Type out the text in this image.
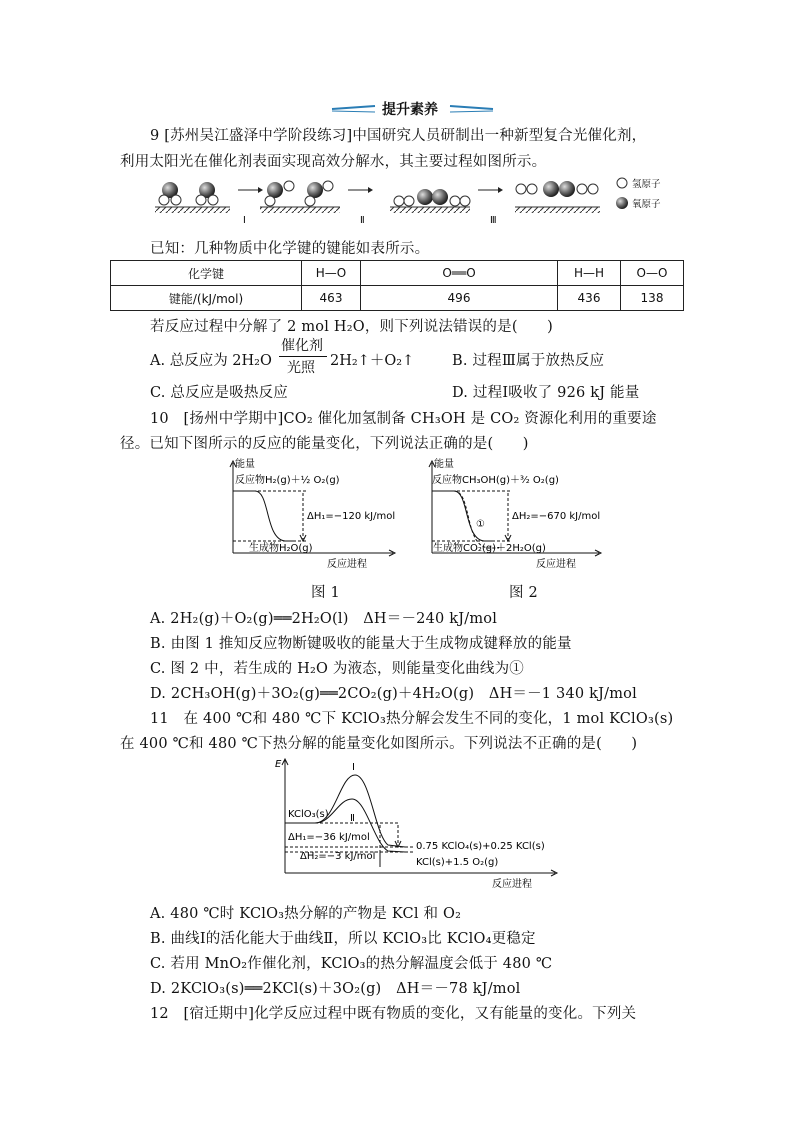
提升素养
9 [苏州吴江盛泽中学阶段练习]中国研究人员研制出一种新型复合光催化剂，
利用太阳光在催化剂表面实现高效分解水，其主要过程如图所示。
Ⅰ	Ⅱ	Ⅲ
氢原子
氧原子
已知：几种物质中化学键的键能如表所示。
化学键	H—O	O══O	H—H	O—O
键能/(kJ/mol)	463	496	436	138
若反应过程中分解了 2 mol H₂O，则下列说法错误的是(　　)
A. 总反应为 2H₂O
催化剂
光照 2H₂↑＋O₂↑	B. 过程Ⅲ属于放热反应
C. 总反应是吸热反应	D. 过程Ⅰ吸收了 926 kJ 能量
10　[扬州中学期中]CO₂ 催化加氢制备 CH₃OH 是 CO₂ 资源化利用的重要途
径。已知下图所示的反应的能量变化，下列说法正确的是(　　)
能量
反应物H₂(g)＋½ O₂(g)
ΔH₁=−120 kJ/mol
生成物H₂O(g)
反应进程
图 1
能量
反应物CH₃OH(g)＋³⁄₂ O₂(g)
①
ΔH₂=−670 kJ/mol
生成物CO₂(g)＋2H₂O(g)
反应进程
图 2
A. 2H₂(g)＋O₂(g)══2H₂O(l)　ΔH＝－240 kJ/mol
B. 由图 1 推知反应物断键吸收的能量大于生成物成键释放的能量
C. 图 2 中，若生成的 H₂O 为液态，则能量变化曲线为①
D. 2CH₃OH(g)＋3O₂(g)══2CO₂(g)＋4H₂O(g)　ΔH＝－1 340 kJ/mol
11　在 400 ℃和 480 ℃下 KClO₃热分解会发生不同的变化，1 mol KClO₃(s)
在 400 ℃和 480 ℃下热分解的能量变化如图所示。下列说法不正确的是(　　)
E
KClO₃(s)
Ⅰ
Ⅱ
ΔH₁=−36 kJ/mol
ΔH₂=−3 kJ/mol
0.75 KClO₄(s)+0.25 KCl(s)
KCl(s)+1.5 O₂(g)
反应进程
A. 480 ℃时 KClO₃热分解的产物是 KCl 和 O₂
B. 曲线Ⅰ的活化能大于曲线Ⅱ，所以 KClO₃比 KClO₄更稳定
C. 若用 MnO₂作催化剂，KClO₃的热分解温度会低于 480 ℃
D. 2KClO₃(s)══2KCl(s)＋3O₂(g)　ΔH＝－78 kJ/mol
12　[宿迁期中]化学反应过程中既有物质的变化，又有能量的变化。下列关
